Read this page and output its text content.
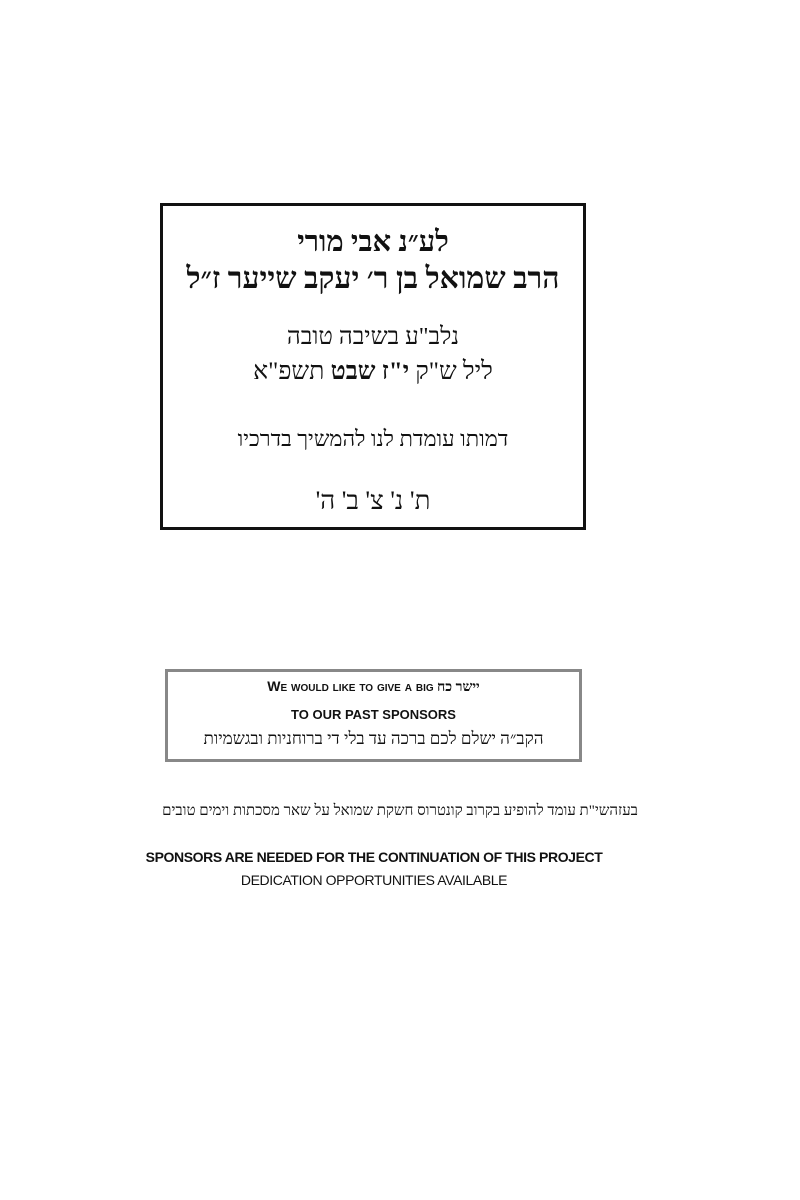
לע״נ אבי מורי
הרב שמואל בן ר׳ יעקב שייער ז״ל
נלב"ע בשיבה טובה
ליל ש"ק י"ז שבט תשפ"א
דמותו עומדת לנו להמשיך בדרכיו
ת' נ' צ' ב' ה'
We would like to give a big יישר כח
TO OUR PAST SPONSORS
הקב״ה ישלם לכם ברכה עד בלי די ברוחניות ובגשמיות
בעזהשי"ת עומד להופיע בקרוב קונטרוס חשקת שמואל על שאר מסכתות וימים טובים
SPONSORS ARE NEEDED FOR THE CONTINUATION OF THIS PROJECT
DEDICATION OPPORTUNITIES AVAILABLE
